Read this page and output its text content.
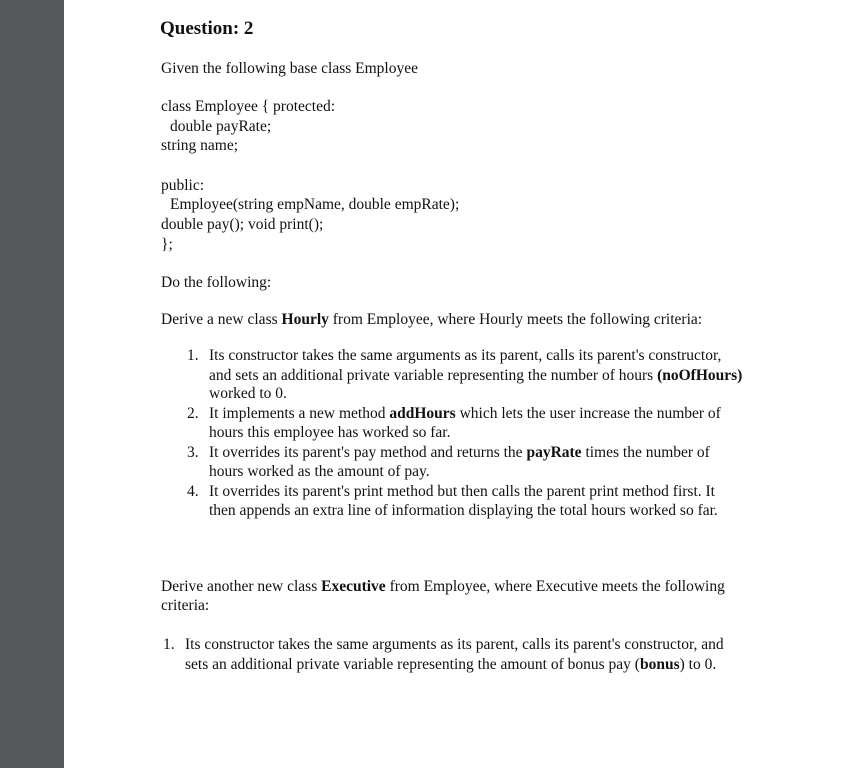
Question: 2
Given the following base class Employee
class Employee { protected:
double payRate;
string name;
public:
Employee(string empName, double empRate);
double pay(); void print();
};
Do the following:
Derive a new class Hourly from Employee, where Hourly meets the following criteria:
1. Its constructor takes the same arguments as its parent, calls its parent's constructor,
and sets an additional private variable representing the number of hours (noOfHours)
worked to 0.
2. It implements a new method addHours which lets the user increase the number of
hours this employee has worked so far.
3. It overrides its parent's pay method and returns the payRate times the number of
hours worked as the amount of pay.
4. It overrides its parent's print method but then calls the parent print method first. It
then appends an extra line of information displaying the total hours worked so far.
Derive another new class Executive from Employee, where Executive meets the following
criteria:
1. Its constructor takes the same arguments as its parent, calls its parent's constructor, and
sets an additional private variable representing the amount of bonus pay (bonus) to 0.
